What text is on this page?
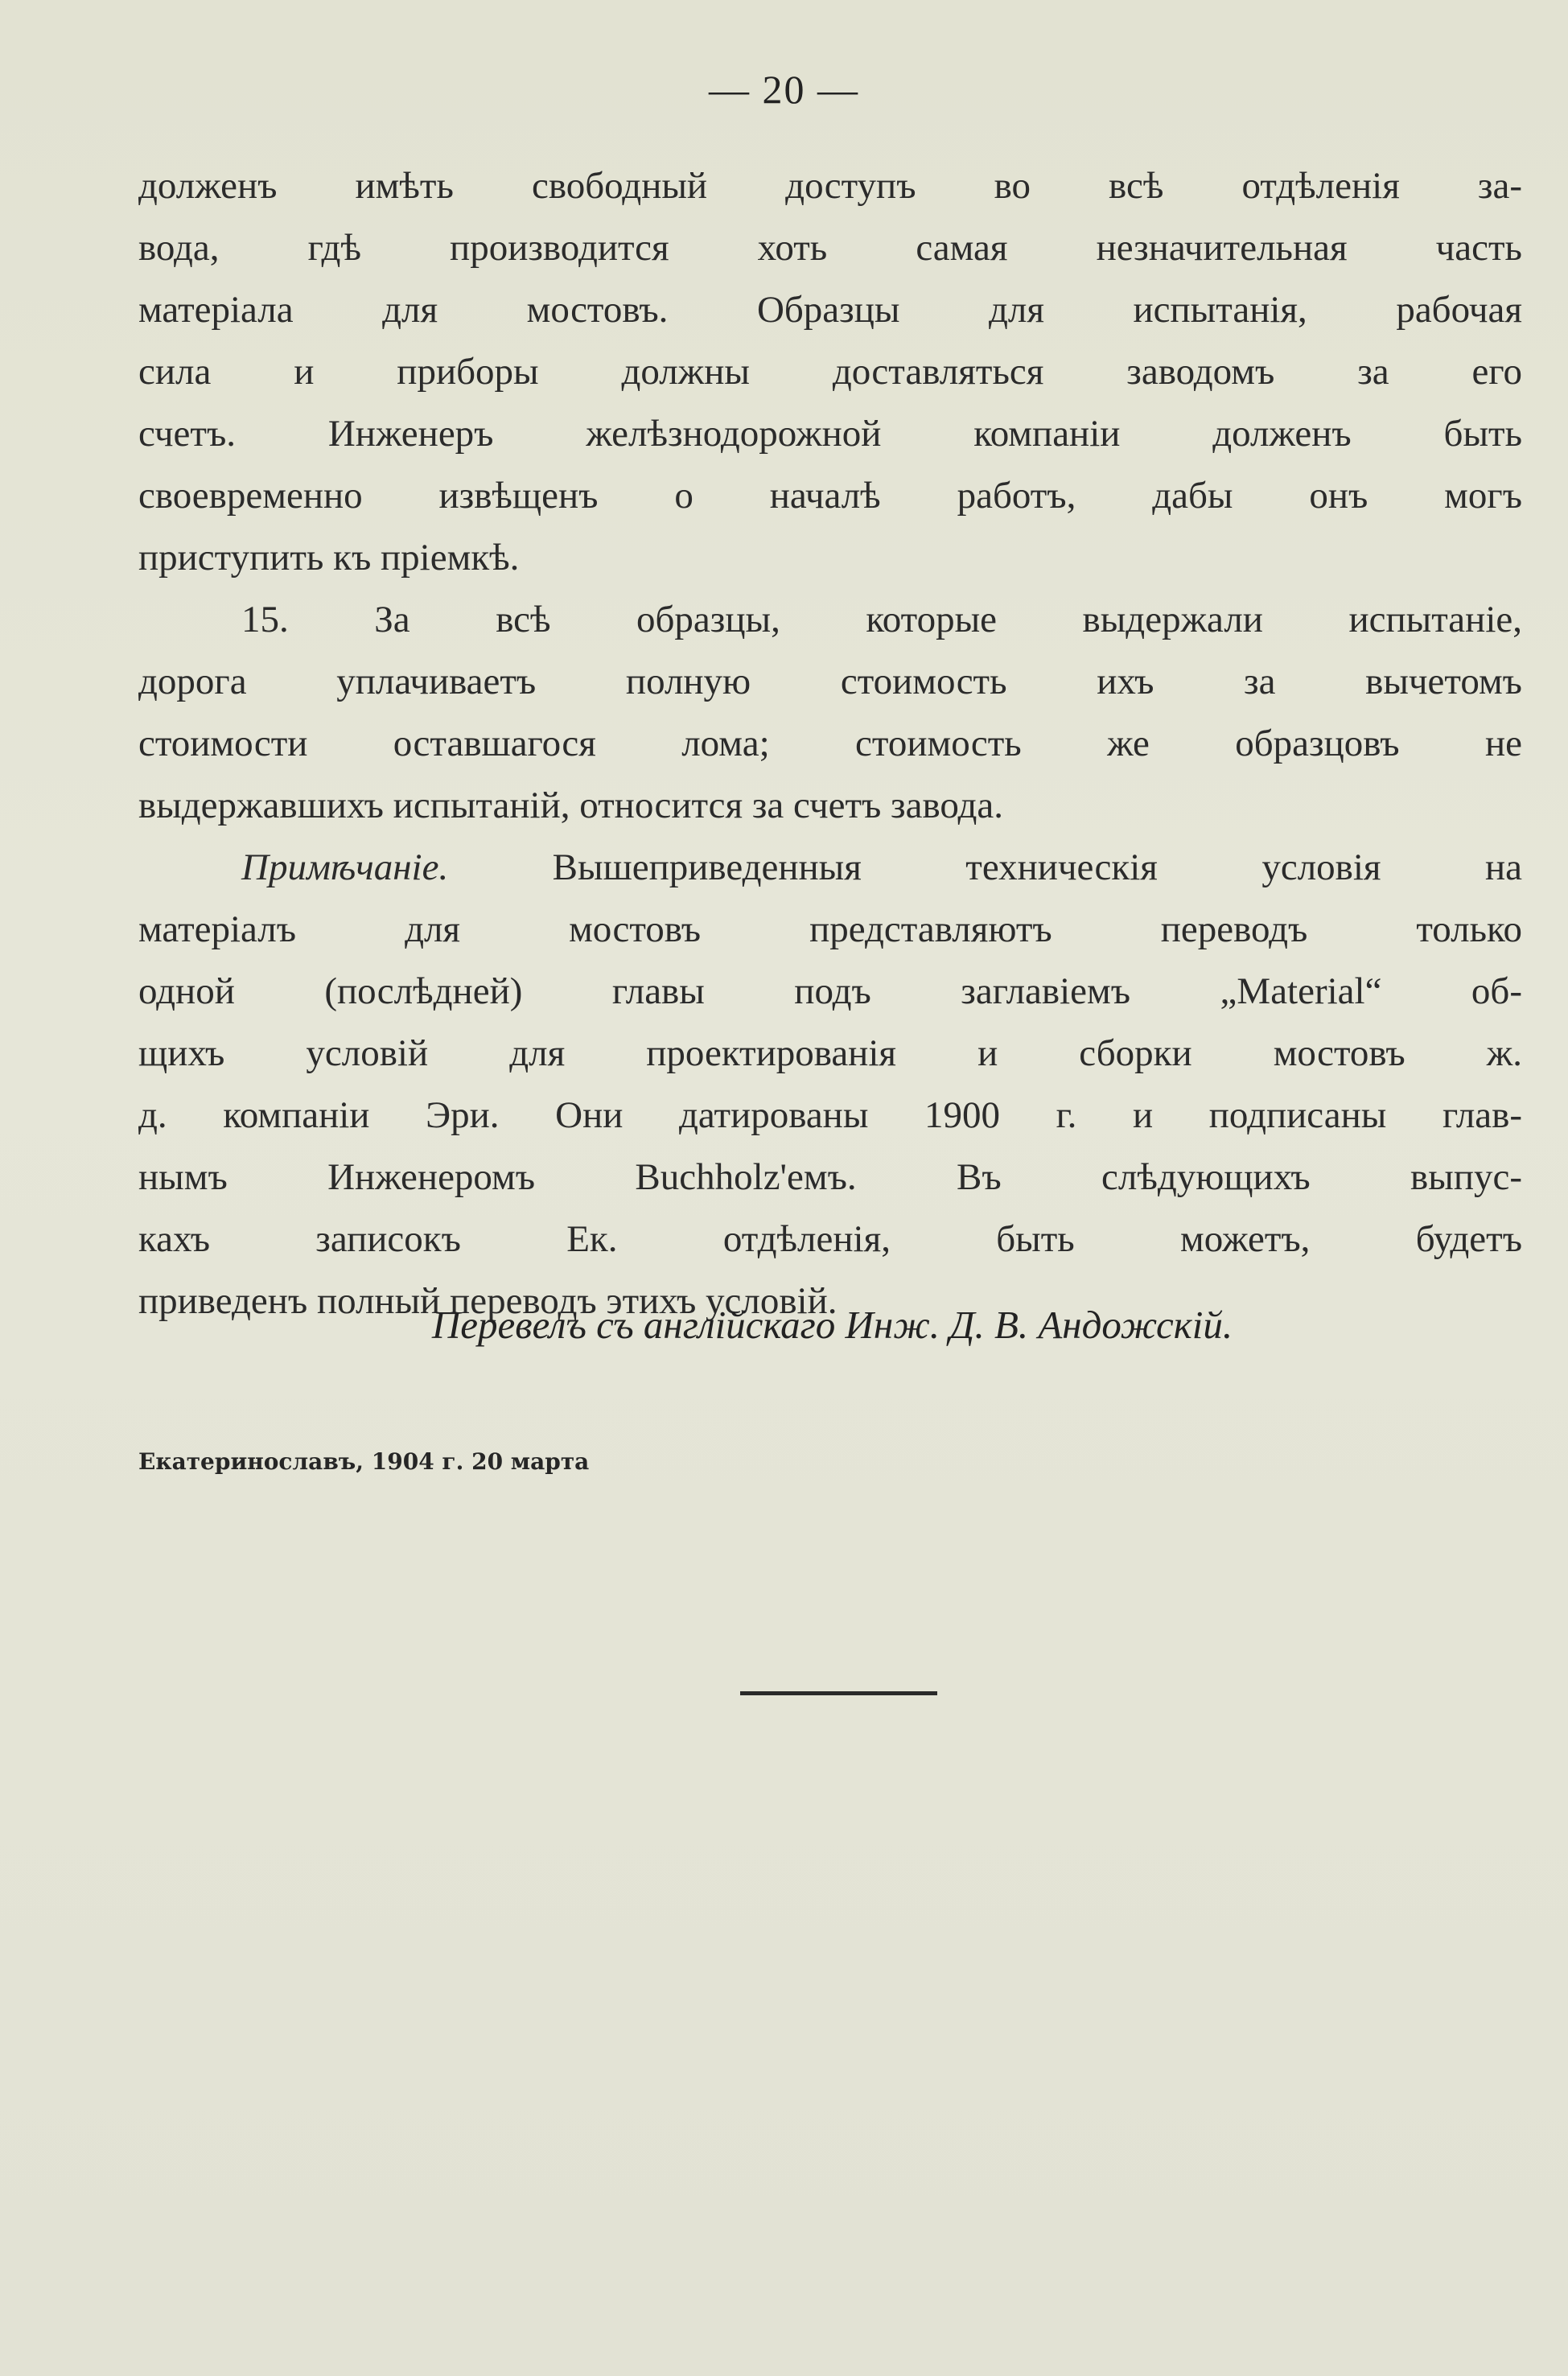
— 20 —
долженъ имѣть свободный доступъ во всѣ отдѣленія за-
вода, гдѣ производится хоть самая незначительная часть
матеріала для мостовъ. Образцы для испытанія, рабочая
сила и приборы должны доставляться заводомъ за его
счетъ. Инженеръ желѣзнодорожной компаніи долженъ быть
своевременно извѣщенъ о началѣ работъ, дабы онъ могъ
приступить къ пріемкѣ.
15. За всѣ образцы, которые выдержали испытаніе,
дорога уплачиваетъ полную стоимость ихъ за вычетомъ
стоимости оставшагося лома; стоимость же образцовъ не
выдержавшихъ испытаній, относится за счетъ завода.
Примѣчаніе. Вышеприведенныя техническія условія на
матеріалъ для мостовъ представляютъ переводъ только
одной (послѣдней) главы подъ заглавіемъ „Material“ об-
щихъ условій для проектированія и сборки мостовъ ж.
д. компаніи Эри. Они датированы 1900 г. и подписаны глав-
нымъ Инженеромъ Buchholz'емъ. Въ слѣдующихъ выпус-
кахъ записокъ Ек. отдѣленія, быть можетъ, будетъ
приведенъ полный переводъ этихъ условій.
Перевелъ съ англійскаго Инж. Д. В. Андожскій.
Екатеринославъ, 1904 г. 20 марта
